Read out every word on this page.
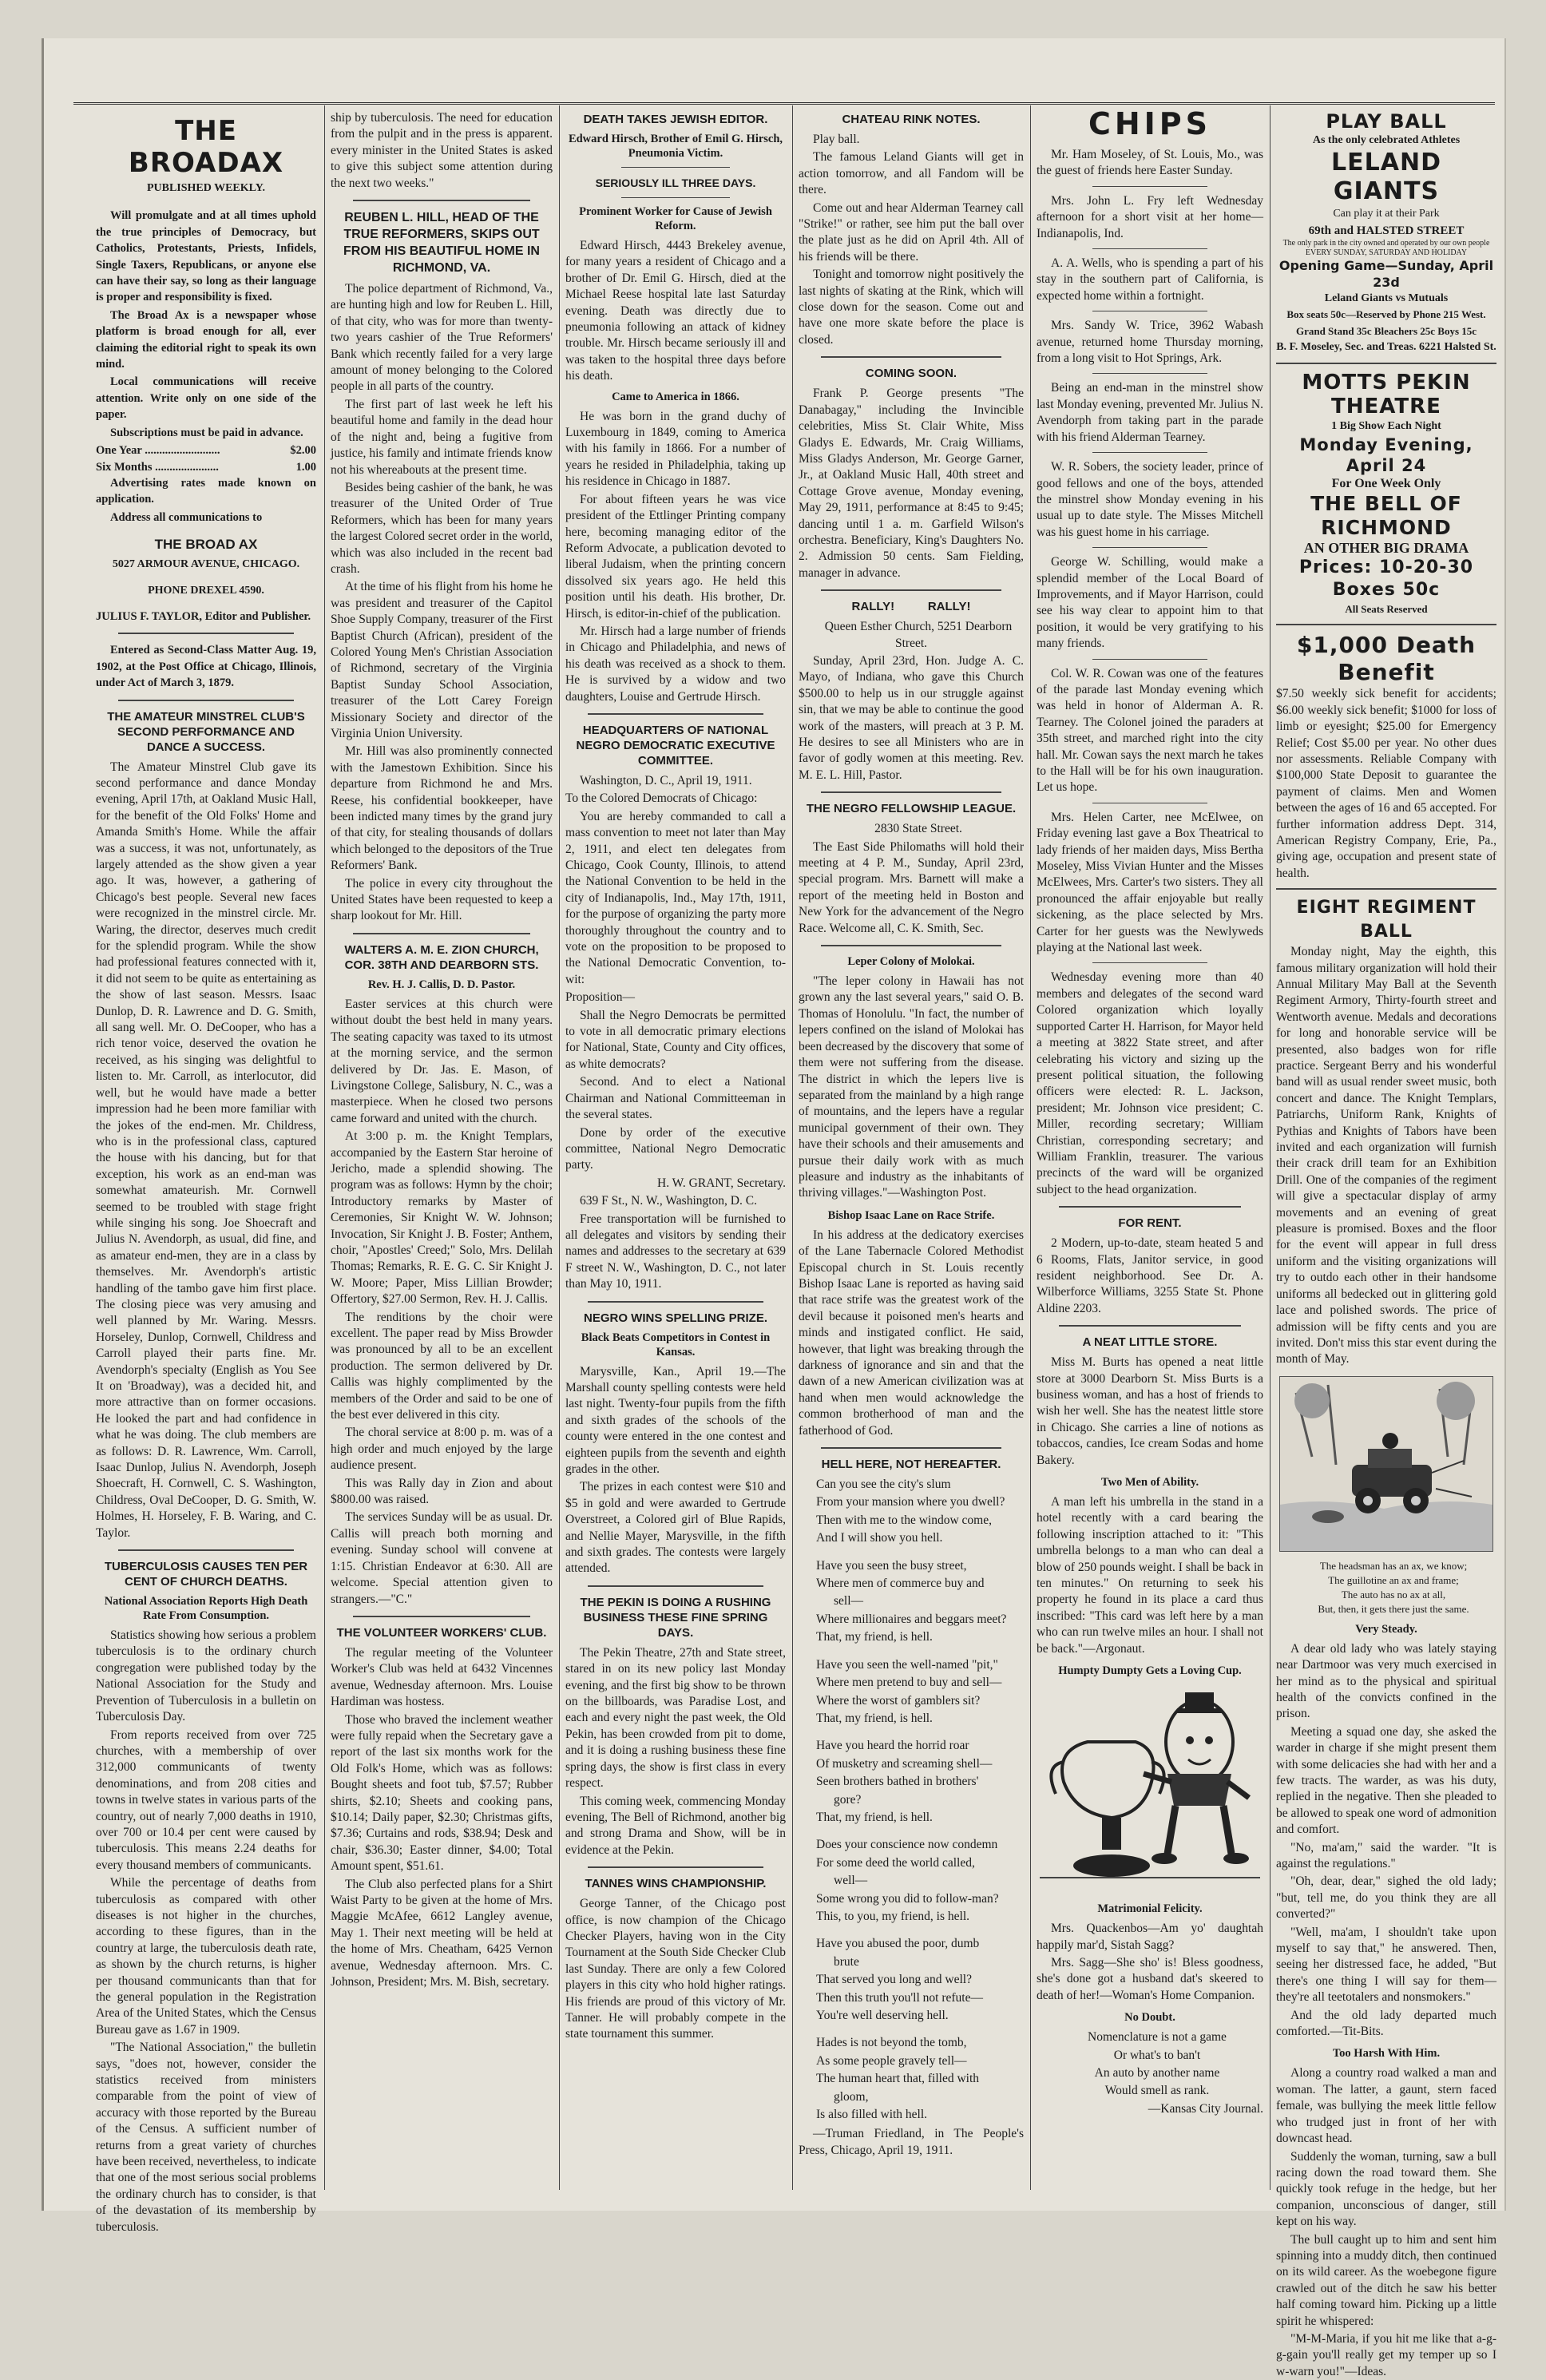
THE BROADAX
PUBLISHED WEEKLY.

Will promulgate and at all times uphold the true principles of Democracy, but Catholics, Protestants, Priests, Infidels, Single Taxers, Republicans, or anyone else can have their say, so long as their language is proper and responsibility is fixed.

The Broad Ax is a newspaper whose platform is broad enough for all, ever claiming the editorial right to speak its own mind.

Local communications will receive attention. Write only on one side of the paper.

Subscriptions must be paid in advance.

One Year ..........................	$2.00
Six Months ......................	1.00

Advertising rates made known on application.

Address all communications to

THE BROAD AX
5027 ARMOUR AVENUE, CHICAGO.
PHONE DREXEL 4590.

JULIUS F. TAYLOR, Editor and Publisher.

Entered as Second-Class Matter Aug. 19, 1902, at the Post Office at Chicago, Illinois, under Act of March 3, 1879.

THE AMATEUR MINSTREL CLUB'S SECOND PERFORMANCE AND DANCE A SUCCESS.

The Amateur Minstrel Club gave its second performance and dance Monday evening, April 17th, at Oakland Music Hall, for the benefit of the Old Folks' Home and Amanda Smith's Home. While the affair was a success, it was not, unfortunately, as largely attended as the show given a year ago. It was, however, a gathering of Chicago's best people. Several new faces were recognized in the minstrel circle. Mr. Waring, the director, deserves much credit for the splendid program. While the show had professional features connected with it, it did not seem to be quite as entertaining as the show of last season. Messrs. Isaac Dunlop, D. R. Lawrence and D. G. Smith, all sang well. Mr. O. DeCooper, who has a rich tenor voice, deserved the ovation he received, as his singing was delightful to listen to. Mr. Carroll, as interlocutor, did well, but he would have made a better impression had he been more familiar with the jokes of the end-men. Mr. Childress, who is in the professional class, captured the house with his dancing, but for that exception, his work as an end-man was somewhat amateurish. Mr. Cornwell seemed to be troubled with stage fright while singing his song. Joe Shoecraft and Julius N. Avendorph, as usual, did fine, and as amateur end-men, they are in a class by themselves. Mr. Avendorph's artistic handling of the tambo gave him first place. The closing piece was very amusing and well planned by Mr. Waring. Messrs. Horseley, Dunlop, Cornwell, Childress and Carroll played their parts fine. Mr. Avendorph's specialty (English as You See It on 'Broadway), was a decided hit, and more attractive than on former occasions. He looked the part and had confidence in what he was doing. The club members are as follows: D. R. Lawrence, Wm. Carroll, Isaac Dunlop, Julius N. Avendorph, Joseph Shoecraft, H. Cornwell, C. S. Washington, Childress, Oval DeCooper, D. G. Smith, W. Holmes, H. Horseley, F. B. Waring, and C. Taylor.

TUBERCULOSIS CAUSES TEN PER CENT OF CHURCH DEATHS.
National Association Reports High Death Rate From Consumption.

Statistics showing how serious a problem tuberculosis is to the ordinary church congregation were published today by the National Association for the Study and Prevention of Tuberculosis in a bulletin on Tuberculosis Day.

From reports received from over 725 churches, with a membership of over 312,000 communicants of twenty denominations, and from 208 cities and towns in twelve states in various parts of the country, out of nearly 7,000 deaths in 1910, over 700 or 10.4 per cent were caused by tuberculosis. This means 2.24 deaths for every thousand members of communicants.

While the percentage of deaths from tuberculosis as compared with other diseases is not higher in the churches, according to these figures, than in the country at large, the tuberculosis death rate, as shown by the church returns, is higher per thousand communicants than that for the general population in the Registration Area of the United States, which the Census Bureau gave as 1.67 in 1909.

"The National Association," the bulletin says, "does not, however, consider the statistics received from ministers comparable from the point of view of accuracy with those reported by the Bureau of the Census. A sufficient number of returns from a great variety of churches have been received, nevertheless, to indicate that one of the most serious social problems the ordinary church has to consider, is that of the devastation of its membership by tuberculosis.

ship by tuberculosis. The need for education from the pulpit and in the press is apparent. every minister in the United States is asked to give this subject some attention during the next two weeks."

REUBEN L. HILL, HEAD OF THE TRUE REFORMERS, SKIPS OUT FROM HIS BEAUTIFUL HOME IN RICHMOND, VA.

The police department of Richmond, Va., are hunting high and low for Reuben L. Hill, of that city, who was for more than twenty-two years cashier of the True Reformers' Bank which recently failed for a very large amount of money belonging to the Colored people in all parts of the country.

The first part of last week he left his beautiful home and family in the dead hour of the night and, being a fugitive from justice, his family and intimate friends know not his whereabouts at the present time.

Besides being cashier of the bank, he was treasurer of the United Order of True Reformers, which has been for many years the largest Colored secret order in the world, which was also included in the recent bad crash.

At the time of his flight from his home he was president and treasurer of the Capitol Shoe Supply Company, treasurer of the First Baptist Church (African), president of the Colored Young Men's Christian Association of Richmond, secretary of the Virginia Baptist Sunday School Association, treasurer of the Lott Carey Foreign Missionary Society and director of the Virginia Union University.

Mr. Hill was also prominently connected with the Jamestown Exhibition. Since his departure from Richmond he and Mrs. Reese, his confidential bookkeeper, have been indicted many times by the grand jury of that city, for stealing thousands of dollars which belonged to the depositors of the True Reformers' Bank.

The police in every city throughout the United States have been requested to keep a sharp lookout for Mr. Hill.

WALTERS A. M. E. ZION CHURCH, COR. 38TH AND DEARBORN STS.
Rev. H. J. Callis, D. D. Pastor.

Easter services at this church were without doubt the best held in many years. The seating capacity was taxed to its utmost at the morning service, and the sermon delivered by Dr. Jas. E. Mason, of Livingstone College, Salisbury, N. C., was a masterpiece. When he closed two persons came forward and united with the church.

At 3:00 p. m. the Knight Templars, accompanied by the Eastern Star heroine of Jericho, made a splendid showing. The program was as follows: Hymn by the choir; Introductory remarks by Master of Ceremonies, Sir Knight W. W. Johnson; Invocation, Sir Knight J. B. Foster; Anthem, choir, "Apostles' Creed;" Solo, Mrs. Delilah Thomas; Remarks, R. E. G. C. Sir Knight J. W. Moore; Paper, Miss Lillian Browder; Offertory, $27.00 Sermon, Rev. H. J. Callis.

The renditions by the choir were excellent. The paper read by Miss Browder was pronounced by all to be an excellent production. The sermon delivered by Dr. Callis was highly complimented by the members of the Order and said to be one of the best ever delivered in this city.

The choral service at 8:00 p. m. was of a high order and much enjoyed by the large audience present.

This was Rally day in Zion and about $800.00 was raised.

The services Sunday will be as usual. Dr. Callis will preach both morning and evening. Sunday school will convene at 1:15. Christian Endeavor at 6:30. All are welcome. Special attention given to strangers.—"C."

THE VOLUNTEER WORKERS' CLUB.

The regular meeting of the Volunteer Worker's Club was held at 6432 Vincennes avenue, Wednesday afternoon. Mrs. Louise Hardiman was hostess.

Those who braved the inclement weather were fully repaid when the Secretary gave a report of the last six months work for the Old Folk's Home, which was as follows: Bought sheets and foot tub, $7.57; Rubber shirts, $2.10; Sheets and cooking pans, $10.14; Daily paper, $2.30; Christmas gifts, $7.36; Curtains and rods, $38.94; Desk and chair, $36.30; Easter dinner, $4.00; Total Amount spent, $51.61.

The Club also perfected plans for a Shirt Waist Party to be given at the home of Mrs. Maggie McAfee, 6612 Langley avenue, May 1. Their next meeting will be held at the home of Mrs. Cheatham, 6425 Vernon avenue, Wednesday afternoon. Mrs. C. Johnson, President; Mrs. M. Bish, secretary.

DEATH TAKES JEWISH EDITOR.
Edward Hirsch, Brother of Emil G. Hirsch, Pneumonia Victim.
SERIOUSLY ILL THREE DAYS.
Prominent Worker for Cause of Jewish Reform.

Edward Hirsch, 4443 Brekeley avenue, for many years a resident of Chicago and a brother of Dr. Emil G. Hirsch, died at the Michael Reese hospital late last Saturday evening. Death was directly due to pneumonia following an attack of kidney trouble. Mr. Hirsch became seriously ill and was taken to the hospital three days before his death.

Came to America in 1866.

He was born in the grand duchy of Luxembourg in 1849, coming to America with his family in 1866. For a number of years he resided in Philadelphia, taking up his residence in Chicago in 1887.

For about fifteen years he was vice president of the Ettlinger Printing company here, becoming managing editor of the Reform Advocate, a publication devoted to liberal Judaism, when the printing concern dissolved six years ago. He held this position until his death. His brother, Dr. Hirsch, is editor-in-chief of the publication.

Mr. Hirsch had a large number of friends in Chicago and Philadelphia, and news of his death was received as a shock to them. He is survived by a widow and two daughters, Louise and Gertrude Hirsch.

HEADQUARTERS OF NATIONAL NEGRO DEMOCRATIC EXECUTIVE COMMITTEE.

Washington, D. C., April 19, 1911.

To the Colored Democrats of Chicago:

You are hereby commanded to call a mass convention to meet not later than May 2, 1911, and elect ten delegates from Chicago, Cook County, Illinois, to attend the National Convention to be held in the city of Indianapolis, Ind., May 17th, 1911, for the purpose of organizing the party more thoroughly throughout the country and to vote on the proposition to be proposed to the National Democratic Convention, to-wit:

Proposition—

Shall the Negro Democrats be permitted to vote in all democratic primary elections for National, State, County and City offices, as white democrats?

Second. And to elect a National Chairman and National Committeeman in the several states.

Done by order of the executive committee, National Negro Democratic party.

H. W. GRANT, Secretary.

639 F St., N. W., Washington, D. C.

Free transportation will be furnished to all delegates and visitors by sending their names and addresses to the secretary at 639 F street N. W., Washington, D. C., not later than May 10, 1911.

NEGRO WINS SPELLING PRIZE.
Black Beats Competitors in Contest in Kansas.

Marysville, Kan., April 19.—The Marshall county spelling contests were held last night. Twenty-four pupils from the fifth and sixth grades of the schools of the county were entered in the one contest and eighteen pupils from the seventh and eighth grades in the other.

The prizes in each contest were $10 and $5 in gold and were awarded to Gertrude Overstreet, a Colored girl of Blue Rapids, and Nellie Mayer, Marysville, in the fifth and sixth grades. The contests were largely attended.

THE PEKIN IS DOING A RUSHING BUSINESS THESE FINE SPRING DAYS.

The Pekin Theatre, 27th and State street, stared in on its new policy last Monday evening, and the first big show to be thrown on the billboards, was Paradise Lost, and each and every night the past week, the Old Pekin, has been crowded from pit to dome, and it is doing a rushing business these fine spring days, the show is first class in every respect.

This coming week, commencing Monday evening, The Bell of Richmond, another big and strong Drama and Show, will be in evidence at the Pekin.

TANNES WINS CHAMPIONSHIP.

George Tanner, of the Chicago post office, is now champion of the Chicago Checker Players, having won in the City Tournament at the South Side Checker Club last Sunday. There are only a few Colored players in this city who hold higher ratings. His friends are proud of this victory of Mr. Tanner. He will probably compete in the state tournament this summer.

CHATEAU RINK NOTES.

Play ball.

The famous Leland Giants will get in action tomorrow, and all Fandom will be there.

Come out and hear Alderman Tearney call "Strike!" or rather, see him put the ball over the plate just as he did on April 4th. All of his friends will be there.

Tonight and tomorrow night positively the last nights of skating at the Rink, which will close down for the season. Come out and have one more skate before the place is closed.

COMING SOON.

Frank P. George presents "The Danabagay," including the Invincible celebrities, Miss St. Clair White, Miss Gladys E. Edwards, Mr. Craig Williams, Miss Gladys Anderson, Mr. George Garner, Jr., at Oakland Music Hall, 40th street and Cottage Grove avenue, Monday evening, May 29, 1911, performance at 8:45 to 9:45; dancing until 1 a. m. Garfield Wilson's orchestra. Beneficiary, King's Daughters No. 2. Admission 50 cents. Sam Fielding, manager in advance.

RALLY!          RALLY!

Queen Esther Church, 5251 Dearborn Street.

Sunday, April 23rd, Hon. Judge A. C. Mayo, of Indiana, who gave this Church $500.00 to help us in our struggle against sin, that we may be able to continue the good work of the masters, will preach at 3 P. M. He desires to see all Ministers who are in favor of godly women at this meeting. Rev. M. E. L. Hill, Pastor.

THE NEGRO FELLOWSHIP LEAGUE.

2830 State Street.

The East Side Philomaths will hold their meeting at 4 P. M., Sunday, April 23rd, special program. Mrs. Barnett will make a report of the meeting held in Boston and New York for the advancement of the Negro Race. Welcome all, C. K. Smith, Sec.

Leper Colony of Molokai.

"The leper colony in Hawaii has not grown any the last several years," said O. B. Thomas of Honolulu. "In fact, the number of lepers confined on the island of Molokai has been decreased by the discovery that some of them were not suffering from the disease. The district in which the lepers live is separated from the mainland by a high range of mountains, and the lepers have a regular municipal government of their own. They have their schools and their amusements and pursue their daily work with as much pleasure and industry as the inhabitants of thriving villages."—Washington Post.

Bishop Isaac Lane on Race Strife.

In his address at the dedicatory exercises of the Lane Tabernacle Colored Methodist Episcopal church in St. Louis recently Bishop Isaac Lane is reported as having said that race strife was the greatest work of the devil because it poisoned men's hearts and minds and instigated conflict. He said, however, that light was breaking through the darkness of ignorance and sin and that the dawn of a new American civilization was at hand when men would acknowledge the common brotherhood of man and the fatherhood of God.

HELL HERE, NOT HEREAFTER.

Can you see the city's slum

From your mansion where you dwell?

Then with me to the window come,

And I will show you hell.

Have you seen the busy street,

Where men of commerce buy and

sell—

Where millionaires and beggars meet?

That, my friend, is hell.

Have you seen the well-named "pit,"

Where men pretend to buy and sell—

Where the worst of gamblers sit?

That, my friend, is hell.

Have you heard the horrid roar

Of musketry and screaming shell—

Seen brothers bathed in brothers'

gore?

That, my friend, is hell.

Does your conscience now condemn

For some deed the world called,

well—

Some wrong you did to follow-man?

This, to you, my friend, is hell.

Have you abused the poor, dumb

brute

That served you long and well?

Then this truth you'll not refute—

You're well deserving hell.

Hades is not beyond the tomb,

As some people gravely tell—

The human heart that, filled with

gloom,

Is also filled with hell.

—Truman Friedland, in The People's Press, Chicago, April 19, 1911.

CHIPS

Mr. Ham Moseley, of St. Louis, Mo., was the guest of friends here Easter Sunday.

Mrs. John L. Fry left Wednesday afternoon for a short visit at her home—Indianapolis, Ind.

A. A. Wells, who is spending a part of his stay in the southern part of California, is expected home within a fortnight.

Mrs. Sandy W. Trice, 3962 Wabash avenue, returned home Thursday morning, from a long visit to Hot Springs, Ark.

Being an end-man in the minstrel show last Monday evening, prevented Mr. Julius N. Avendorph from taking part in the parade with his friend Alderman Tearney.

W. R. Sobers, the society leader, prince of good fellows and one of the boys, attended the minstrel show Monday evening in his usual up to date style. The Misses Mitchell was his guest home in his carriage.

George W. Schilling, would make a splendid member of the Local Board of Improvements, and if Mayor Harrison, could see his way clear to appoint him to that position, it would be very gratifying to his many friends.

Col. W. R. Cowan was one of the features of the parade last Monday evening which was held in honor of Alderman A. R. Tearney. The Colonel joined the paraders at 35th street, and marched right into the city hall. Mr. Cowan says the next march he takes to the Hall will be for his own inauguration. Let us hope.

Mrs. Helen Carter, nee McElwee, on Friday evening last gave a Box Theatrical to lady friends of her maiden days, Miss Bertha Moseley, Miss Vivian Hunter and the Misses McElwees, Mrs. Carter's two sisters. They all pronounced the affair enjoyable but really sickening, as the place selected by Mrs. Carter for her guests was the Newlyweds playing at the National last week.

Wednesday evening more than 40 members and delegates of the second ward Colored organization which loyally supported Carter H. Harrison, for Mayor held a meeting at 3822 State street, and after celebrating his victory and sizing up the present political situation, the following officers were elected: R. L. Jackson, president; Mr. Johnson vice president; C. Miller, recording secretary; William Christian, corresponding secretary; and William Franklin, treasurer. The various precincts of the ward will be organized subject to the head organization.

FOR RENT.

2 Modern, up-to-date, steam heated 5 and 6 Rooms, Flats, Janitor service, in good resident neighborhood. See Dr. A. Wilberforce Williams, 3255 State St. Phone Aldine 2203.

A NEAT LITTLE STORE.

Miss M. Burts has opened a neat little store at 3000 Dearborn St. Miss Burts is a business woman, and has a host of friends to wish her well. She has the neatest little store in Chicago. She carries a line of notions as tobaccos, candies, Ice cream Sodas and home Bakery.

Two Men of Ability.

A man left his umbrella in the stand in a hotel recently with a card bearing the following inscription attached to it: "This umbrella belongs to a man who can deal a blow of 250 pounds weight. I shall be back in ten minutes." On returning to seek his property he found in its place a card thus inscribed: "This card was left here by a man who can run twelve miles an hour. I shall not be back."—Argonaut.

Humpty Dumpty Gets a Loving Cup.
Matrimonial Felicity.

Mrs. Quackenbos—Am yo' daughtah happily mar'd, Sistah Sagg?

Mrs. Sagg—She sho' is! Bless goodness, she's done got a husband dat's skeered to death of her!—Woman's Home Companion.

No Doubt.

Nomenclature is not a game

Or what's to ban't

An auto by another name

Would smell as rank.

—Kansas City Journal.

PLAY BALL
As the only celebrated Athletes
LELAND GIANTS
Can play it at their Park
69th and HALSTED STREET
The only park in the city owned and operated by our own people EVERY SUNDAY, SATURDAY AND HOLIDAY
Opening Game—Sunday, April 23d
Leland Giants vs Mutuals
Box seats 50c—Reserved by Phone 215 West.
Grand Stand 35c Bleachers 25c Boys 15c
B. F. Moseley, Sec. and Treas. 6221 Halsted St.
MOTTS PEKIN THEATRE
1 Big Show Each Night
Monday Evening, April 24
For One Week Only
THE BELL OF RICHMOND
AN OTHER BIG DRAMA
Prices: 10-20-30 Boxes 50c
All Seats Reserved
$1,000 Death Benefit

$7.50 weekly sick benefit for accidents; $6.00 weekly sick benefit; $1000 for loss of limb or eyesight; $25.00 for Emergency Relief; Cost $5.00 per year. No other dues nor assessments. Reliable Company with $100,000 State Deposit to guarantee the payment of claims. Men and Women between the ages of 16 and 65 accepted. For further information address Dept. 314, American Registry Company, Erie, Pa., giving age, occupation and present state of health.

EIGHT REGIMENT BALL

Monday night, May the eighth, this famous military organization will hold their Annual Military May Ball at the Seventh Regiment Armory, Thirty-fourth street and Wentworth avenue. Medals and decorations for long and honorable service will be presented, also badges won for rifle practice. Sergeant Berry and his wonderful band will as usual render sweet music, both concert and dance. The Knight Templars, Patriarchs, Uniform Rank, Knights of Pythias and Knights of Tabors have been invited and each organization will furnish their crack drill team for an Exhibition Drill. One of the companies of the regiment will give a spectacular display of army movements and an evening of great pleasure is promised. Boxes and the floor for the event will appear in full dress uniform and the visiting organizations will try to outdo each other in their handsome uniforms all bedecked out in glittering gold lace and polished swords. The price of admission will be fifty cents and you are invited. Don't miss this star event during the month of May.

The headsman has an ax, we know;

The guillotine an ax and frame;

The auto has no ax at all,

But, then, it gets there just the same.

Very Steady.

A dear old lady who was lately staying near Dartmoor was very much exercised in her mind as to the physical and spiritual health of the convicts confined in the prison.

Meeting a squad one day, she asked the warder in charge if she might present them with some delicacies she had with her and a few tracts. The warder, as was his duty, replied in the negative. Then she pleaded to be allowed to speak one word of admonition and comfort.

"No, ma'am," said the warder. "It is against the regulations."

"Oh, dear, dear," sighed the old lady; "but, tell me, do you think they are all converted?"

"Well, ma'am, I shouldn't take upon myself to say that," he answered. Then, seeing her distressed face, he added, "But there's one thing I will say for them—they're all teetotalers and nonsmokers."

And the old lady departed much comforted.—Tit-Bits.

Too Harsh With Him.

Along a country road walked a man and woman. The latter, a gaunt, stern faced female, was bullying the meek little fellow who trudged just in front of her with downcast head.

Suddenly the woman, turning, saw a bull racing down the road toward them. She quickly took refuge in the hedge, but her companion, unconscious of danger, still kept on his way.

The bull caught up to him and sent him spinning into a muddy ditch, then continued on its wild career. As the woebegone figure crawled out of the ditch he saw his better half coming toward him. Picking up a little spirit he whispered:

"M-M-Maria, if you hit me like that a-g-g-gain you'll really get my temper up so I w-warn you!"—Ideas.
